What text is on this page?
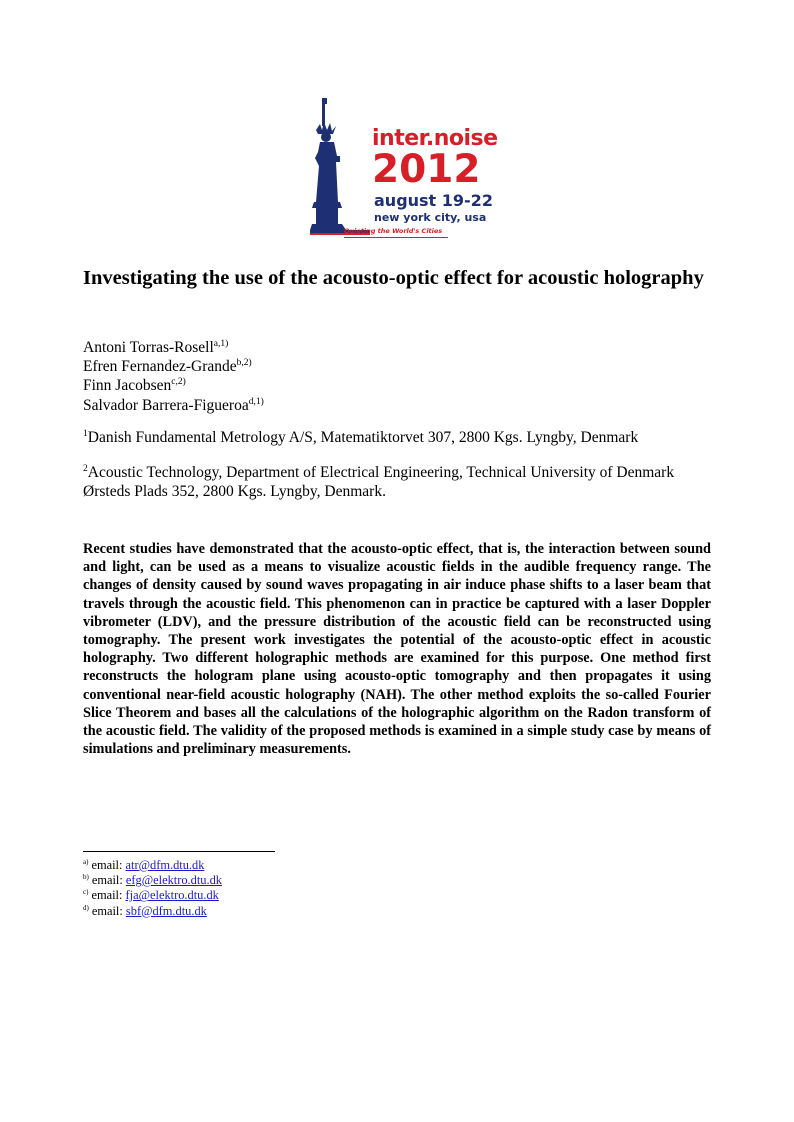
inter.noise
2012
august 19-22
new york city, usa
Quieting the World's Cities
Investigating the use of the acousto-optic effect for acoustic holography
Antoni Torras-Rosell$^{a,1)}$
Efren Fernandez-Grande$^{b,2)}$
Finn Jacobsen$^{c,2)}$
Salvador Barrera-Figueroa$^{d,1)}$
$^1$Danish Fundamental Metrology A/S, Matematiktorvet 307, 2800 Kgs. Lyngby, Denmark
$^2$Acoustic Technology, Department of Electrical Engineering, Technical University of Denmark
Ørsteds Plads 352, 2800 Kgs. Lyngby, Denmark.
Recent studies have demonstrated that the acousto-optic effect, that is, the interaction between sound and light, can be used as a means to visualize acoustic fields in the audible frequency range. The changes of density caused by sound waves propagating in air induce phase shifts to a laser beam that travels through the acoustic field. This phenomenon can in practice be captured with a laser Doppler vibrometer (LDV), and the pressure distribution of the acoustic field can be reconstructed using tomography. The present work investigates the potential of the acousto-optic effect in acoustic holography. Two different holographic methods are examined for this purpose. One method first reconstructs the hologram plane using acousto-optic tomography and then propagates it using conventional near-field acoustic holography (NAH). The other method exploits the so-called Fourier Slice Theorem and bases all the calculations of the holographic algorithm on the Radon transform of the acoustic field. The validity of the proposed methods is examined in a simple study case by means of simulations and preliminary measurements.
$^{a)}$ email: atr@dfm.dtu.dk
$^{b)}$ email: efg@elektro.dtu.dk
$^{c)}$ email: fja@elektro.dtu.dk
$^{d)}$ email: sbf@dfm.dtu.dk
